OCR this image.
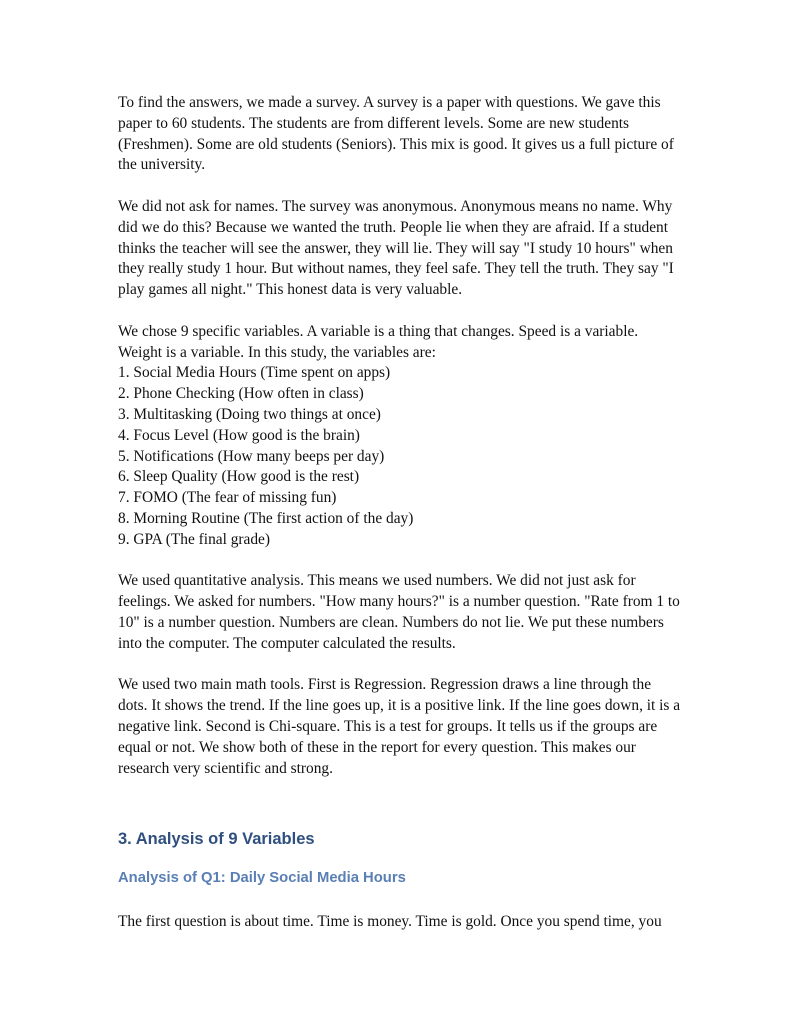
To find the answers, we made a survey. A survey is a paper with questions. We gave this paper to 60 students. The students are from different levels. Some are new students (Freshmen). Some are old students (Seniors). This mix is good. It gives us a full picture of the university.

We did not ask for names. The survey was anonymous. Anonymous means no name. Why did we do this? Because we wanted the truth. People lie when they are afraid. If a student thinks the teacher will see the answer, they will lie. They will say "I study 10 hours" when they really study 1 hour. But without names, they feel safe. They tell the truth. They say "I play games all night." This honest data is very valuable.

We chose 9 specific variables. A variable is a thing that changes. Speed is a variable. Weight is a variable. In this study, the variables are:

1. Social Media Hours (Time spent on apps)
2. Phone Checking (How often in class)
3. Multitasking (Doing two things at once)
4. Focus Level (How good is the brain)
5. Notifications (How many beeps per day)
6. Sleep Quality (How good is the rest)
7. FOMO (The fear of missing fun)
8. Morning Routine (The first action of the day)
9. GPA (The final grade)

We used quantitative analysis. This means we used numbers. We did not just ask for feelings. We asked for numbers. "How many hours?" is a number question. "Rate from 1 to 10" is a number question. Numbers are clean. Numbers do not lie. We put these numbers into the computer. The computer calculated the results.

We used two main math tools. First is Regression. Regression draws a line through the dots. It shows the trend. If the line goes up, it is a positive link. If the line goes down, it is a negative link. Second is Chi-square. This is a test for groups. It tells us if the groups are equal or not. We show both of these in the report for every question. This makes our research very scientific and strong.

3. Analysis of 9 Variables
Analysis of Q1: Daily Social Media Hours

The first question is about time. Time is money. Time is gold. Once you spend time, you
